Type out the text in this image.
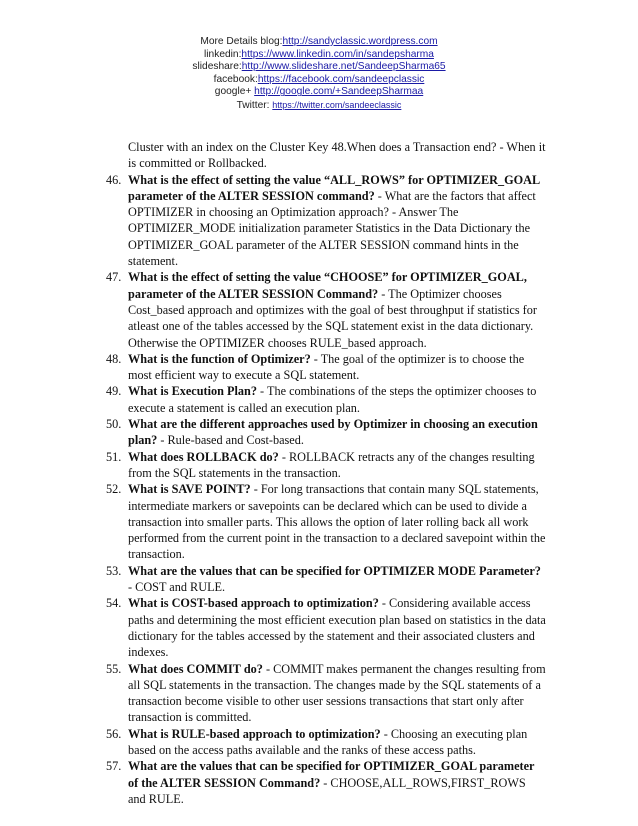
More Details blog:http://sandyclassic.wordpress.com
linkedin:https://www.linkedin.com/in/sandepsharma
slideshare:http://www.slideshare.net/SandeepSharma65
facebook:https://facebook.com/sandeepclassic
google+ http://google.com/+SandeepSharmaa
Twitter: https://twitter.com/sandeeclassic

Cluster with an index on the Cluster Key 48.When does a Transaction end? - When it is committed or Rollbacked.

46. What is the effect of setting the value “ALL_ROWS” for OPTIMIZER_GOAL parameter of the ALTER SESSION command? - What are the factors that affect OPTIMIZER in choosing an Optimization approach? - Answer The OPTIMIZER_MODE initialization parameter Statistics in the Data Dictionary the OPTIMIZER_GOAL parameter of the ALTER SESSION command hints in the statement.
47. What is the effect of setting the value “CHOOSE” for OPTIMIZER_GOAL, parameter of the ALTER SESSION Command? - The Optimizer chooses Cost_based approach and optimizes with the goal of best throughput if statistics for atleast one of the tables accessed by the SQL statement exist in the data dictionary. Otherwise the OPTIMIZER chooses RULE_based approach.
48. What is the function of Optimizer? - The goal of the optimizer is to choose the most efficient way to execute a SQL statement.
49. What is Execution Plan? - The combinations of the steps the optimizer chooses to execute a statement is called an execution plan.
50. What are the different approaches used by Optimizer in choosing an execution plan? - Rule-based and Cost-based.
51. What does ROLLBACK do? - ROLLBACK retracts any of the changes resulting from the SQL statements in the transaction.
52. What is SAVE POINT? - For long transactions that contain many SQL statements, intermediate markers or savepoints can be declared which can be used to divide a transaction into smaller parts. This allows the option of later rolling back all work performed from the current point in the transaction to a declared savepoint within the transaction.
53. What are the values that can be specified for OPTIMIZER MODE Parameter? - COST and RULE.
54. What is COST-based approach to optimization? - Considering available access paths and determining the most efficient execution plan based on statistics in the data dictionary for the tables accessed by the statement and their associated clusters and indexes.
55. What does COMMIT do? - COMMIT makes permanent the changes resulting from all SQL statements in the transaction. The changes made by the SQL statements of a transaction become visible to other user sessions transactions that start only after transaction is committed.
56. What is RULE-based approach to optimization? - Choosing an executing plan based on the access paths available and the ranks of these access paths.
57. What are the values that can be specified for OPTIMIZER_GOAL parameter of the ALTER SESSION Command? - CHOOSE,ALL_ROWS,FIRST_ROWS and RULE.
